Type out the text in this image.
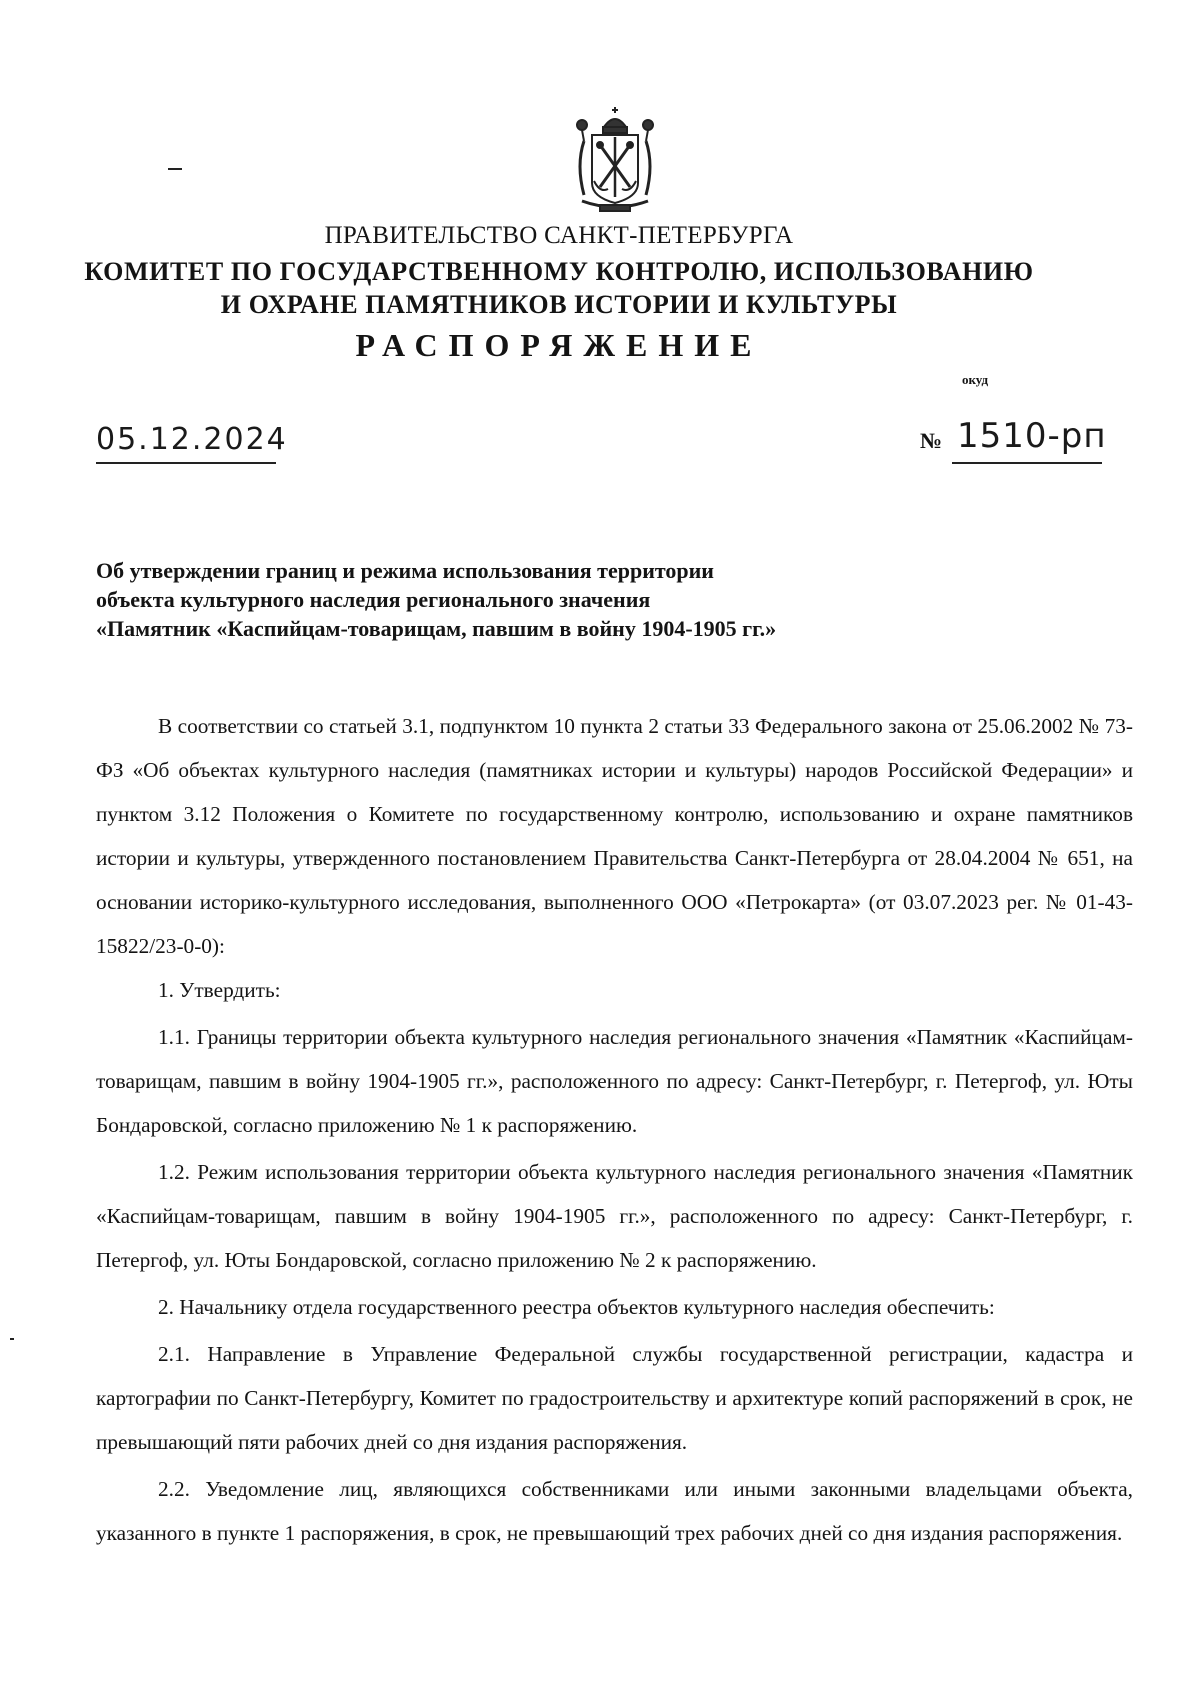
ПРАВИТЕЛЬСТВО САНКТ-ПЕТЕРБУРГА
КОМИТЕТ ПО ГОСУДАРСТВЕННОМУ КОНТРОЛЮ, ИСПОЛЬЗОВАНИЮ
И ОХРАНЕ ПАМЯТНИКОВ ИСТОРИИ И КУЛЬТУРЫ
РАСПОРЯЖЕНИЕ
окуд
05.12.2024	№ 1510-рп
Об утверждении границ и режима использования территории
объекта культурного наследия регионального значения
«Памятник «Каспийцам-товарищам, павшим в войну 1904-1905 гг.»

В соответствии со статьей 3.1, подпунктом 10 пункта 2 статьи 33 Федерального закона от 25.06.2002 № 73-ФЗ «Об объектах культурного наследия (памятниках истории и культуры) народов Российской Федерации» и пунктом 3.12 Положения о Комитете по государственному контролю, использованию и охране памятников истории и культуры, утвержденного постановлением Правительства Санкт-Петербурга от 28.04.2004 № 651, на основании историко-культурного исследования, выполненного ООО «Петрокарта» (от 03.07.2023 рег. № 01-43-15822/23-0-0):

1. Утвердить:

1.1. Границы территории объекта культурного наследия регионального значения «Памятник «Каспийцам-товарищам, павшим в войну 1904-1905 гг.», расположенного по адресу: Санкт-Петербург, г. Петергоф, ул. Юты Бондаровской, согласно приложению № 1 к распоряжению.

1.2. Режим использования территории объекта культурного наследия регионального значения «Памятник «Каспийцам-товарищам, павшим в войну 1904-1905 гг.», расположенного по адресу: Санкт-Петербург, г. Петергоф, ул. Юты Бондаровской, согласно приложению № 2 к распоряжению.

2. Начальнику отдела государственного реестра объектов культурного наследия обеспечить:

2.1. Направление в Управление Федеральной службы государственной регистрации, кадастра и картографии по Санкт-Петербургу, Комитет по градостроительству и архитектуре копий распоряжений в срок, не превышающий пяти рабочих дней со дня издания распоряжения.

2.2. Уведомление лиц, являющихся собственниками или иными законными владельцами объекта, указанного в пункте 1 распоряжения, в срок, не превышающий трех рабочих дней со дня издания распоряжения.
